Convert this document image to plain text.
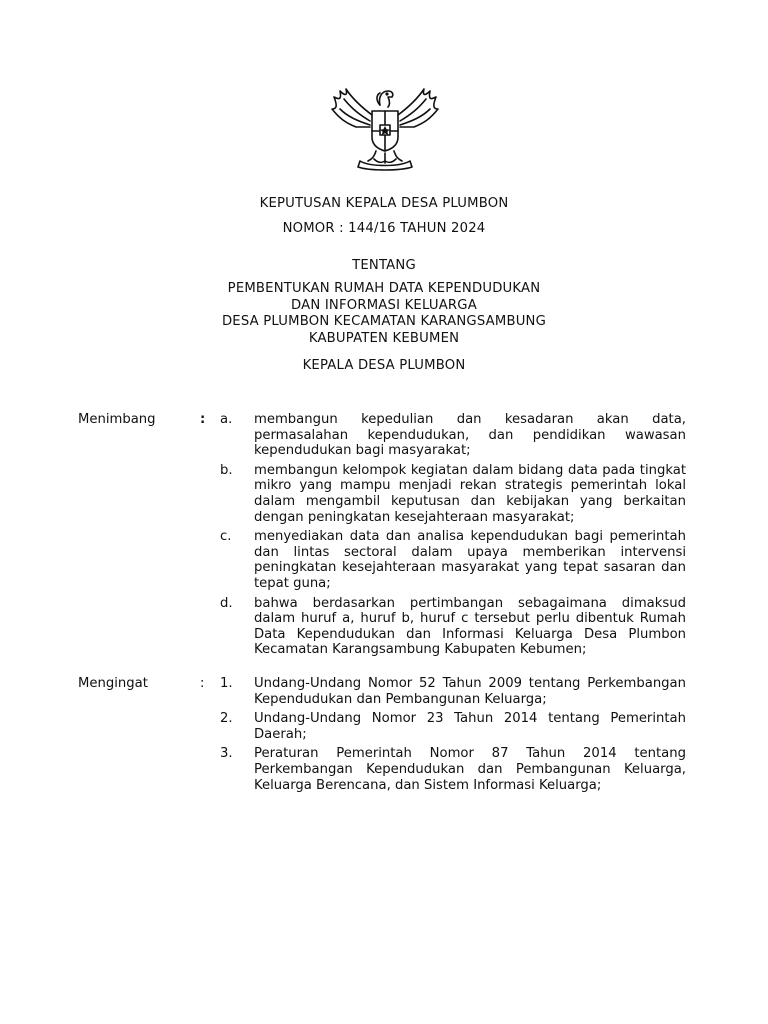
KEPUTUSAN KEPALA DESA PLUMBON
NOMOR : 144/16 TAHUN 2024
TENTANG
PEMBENTUKAN RUMAH DATA KEPENDUDUKAN
DAN INFORMASI KELUARGA
DESA PLUMBON KECAMATAN KARANGSAMBUNG
KABUPATEN KEBUMEN
KEPALA DESA PLUMBON
Menimbang	: a. membangun kepedulian dan kesadaran akan data, permasalahan kependudukan, dan pendidikan wawasan kependudukan bagi masyarakat;
b. membangun kelompok kegiatan dalam bidang data pada tingkat mikro yang mampu menjadi rekan strategis pemerintah lokal dalam mengambil keputusan dan kebijakan yang berkaitan dengan peningkatan kesejahteraan masyarakat;
c. menyediakan data dan analisa kependudukan bagi pemerintah dan lintas sectoral dalam upaya memberikan intervensi peningkatan kesejahteraan masyarakat yang tepat sasaran dan tepat guna;
d. bahwa berdasarkan pertimbangan sebagaimana dimaksud dalam huruf a, huruf b, huruf c tersebut perlu dibentuk Rumah Data Kependudukan dan Informasi Keluarga Desa Plumbon Kecamatan Karangsambung Kabupaten Kebumen;
Mengingat	: 1. Undang-Undang Nomor 52 Tahun 2009 tentang Perkembangan Kependudukan dan Pembangunan Keluarga;
2. Undang-Undang Nomor 23 Tahun 2014 tentang Pemerintah Daerah;
3. Peraturan Pemerintah Nomor 87 Tahun 2014 tentang Perkembangan Kependudukan dan Pembangunan Keluarga, Keluarga Berencana, dan Sistem Informasi Keluarga;
